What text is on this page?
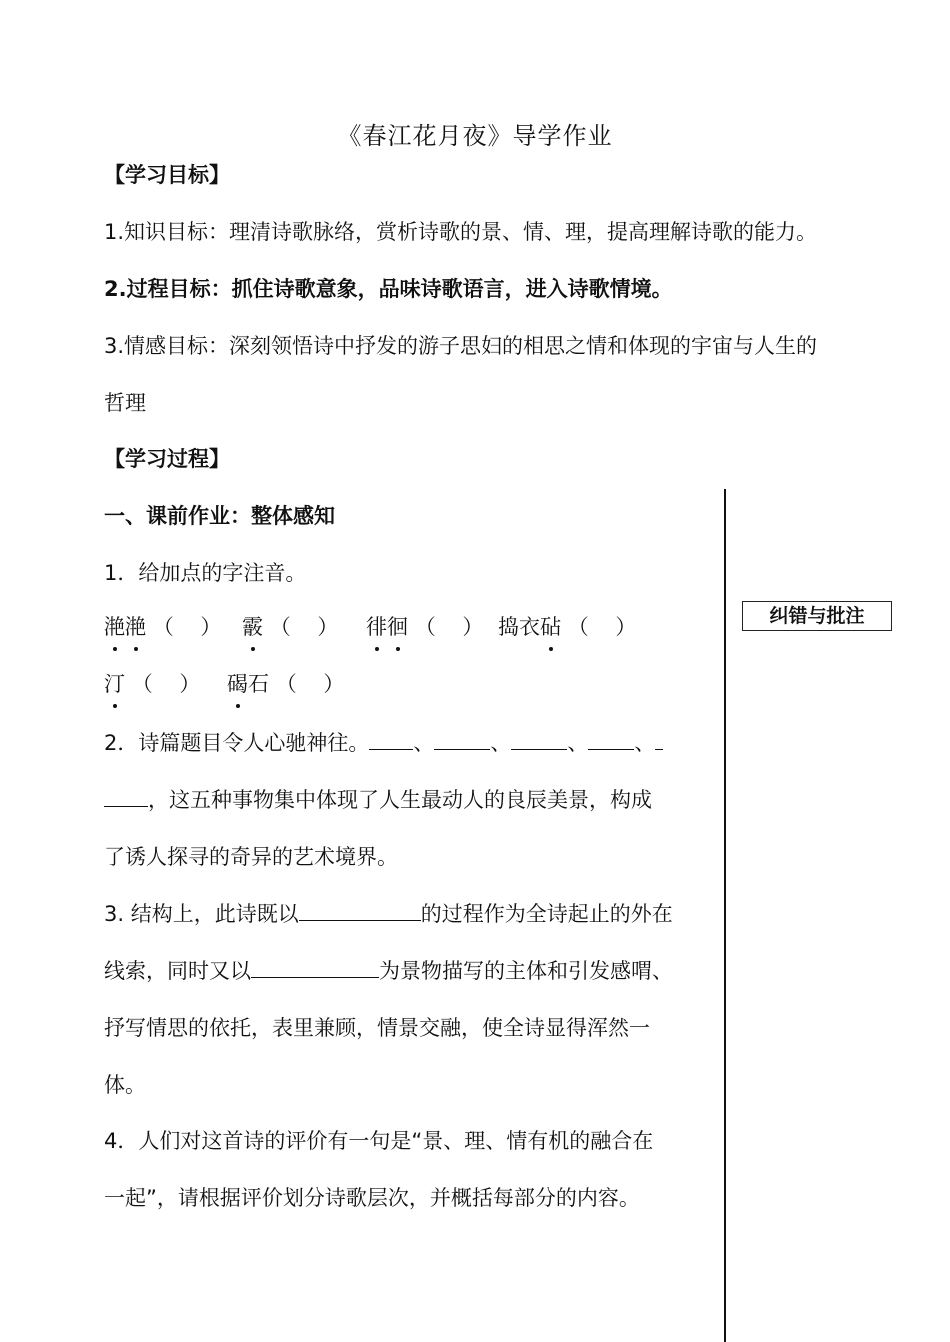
《春江花月夜》导学作业
【学习目标】
1.知识目标：理清诗歌脉络，赏析诗歌的景、情、理，提高理解诗歌的能力。
2.过程目标：抓住诗歌意象，品味诗歌语言，进入诗歌情境。
3.情感目标：深刻领悟诗中抒发的游子思妇的相思之情和体现的宇宙与人生的
哲理
【学习过程】
纠错与批注
一、课前作业：整体感知
1．给加点的字注音。
滟滟 （    ） 霰 （    ） 徘徊 （    ） 捣衣砧 （    ）
汀 （    ） 碣石 （    ）
2．诗篇题目令人心驰神往。 、	、	、 、
，这五种事物集中体现了人生最动人的良辰美景，构成
了诱人探寻的奇异的艺术境界。
3. 结构上，此诗既以	的过程作为全诗起止的外在
线索，同时又以	为景物描写的主体和引发感喟、
抒写情思的依托，表里兼顾，情景交融，使全诗显得浑然一
体。
4．人们对这首诗的评价有一句是“景、理、情有机的融合在
一起”，请根据评价划分诗歌层次，并概括每部分的内容。
